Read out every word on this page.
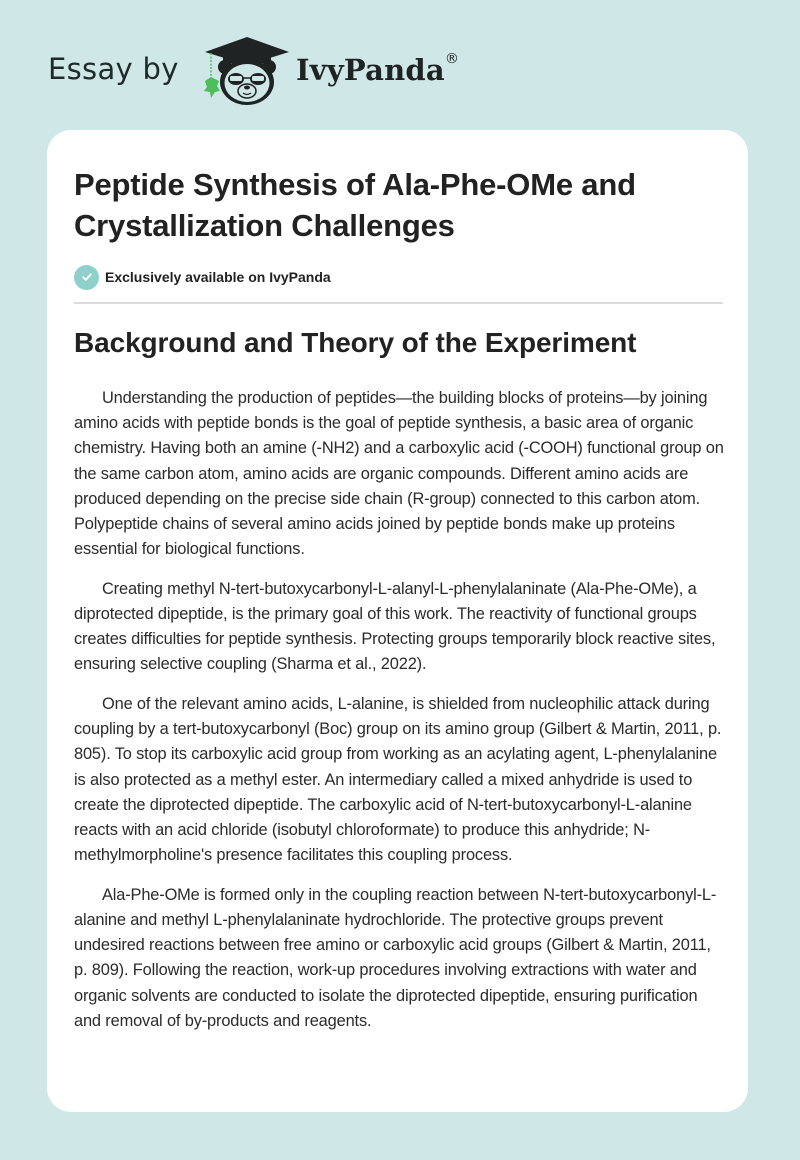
Essay by	IvyPanda®
Peptide Synthesis of Ala-Phe-OMe and Crystallization Challenges
Exclusively available on IvyPanda
Background and Theory of the Experiment

Understanding the production of peptides—the building blocks of proteins—by joining amino acids with peptide bonds is the goal of peptide synthesis, a basic area of organic chemistry. Having both an amine (-NH2) and a carboxylic acid (-COOH) functional group on the same carbon atom, amino acids are organic compounds. Different amino acids are produced depending on the precise side chain (R-group) connected to this carbon atom. Polypeptide chains of several amino acids joined by peptide bonds make up proteins essential for biological functions.

Creating methyl N-tert-butoxycarbonyl-L-alanyl-L-phenylalaninate (Ala-Phe-OMe), a diprotected dipeptide, is the primary goal of this work. The reactivity of functional groups creates difficulties for peptide synthesis. Protecting groups temporarily block reactive sites, ensuring selective coupling (Sharma et al., 2022).

One of the relevant amino acids, L-alanine, is shielded from nucleophilic attack during coupling by a tert-butoxycarbonyl (Boc) group on its amino group (Gilbert & Martin, 2011, p. 805). To stop its carboxylic acid group from working as an acylating agent, L-phenylalanine is also protected as a methyl ester. An intermediary called a mixed anhydride is used to create the diprotected dipeptide. The carboxylic acid of N-tert-butoxycarbonyl-L-alanine reacts with an acid chloride (isobutyl chloroformate) to produce this anhydride; N-methylmorpholine's presence facilitates this coupling process.

Ala-Phe-OMe is formed only in the coupling reaction between N-tert-butoxycarbonyl-L-alanine and methyl L-phenylalaninate hydrochloride. The protective groups prevent undesired reactions between free amino or carboxylic acid groups (Gilbert & Martin, 2011, p. 809). Following the reaction, work-up procedures involving extractions with water and organic solvents are conducted to isolate the diprotected dipeptide, ensuring purification and removal of by-products and reagents.
